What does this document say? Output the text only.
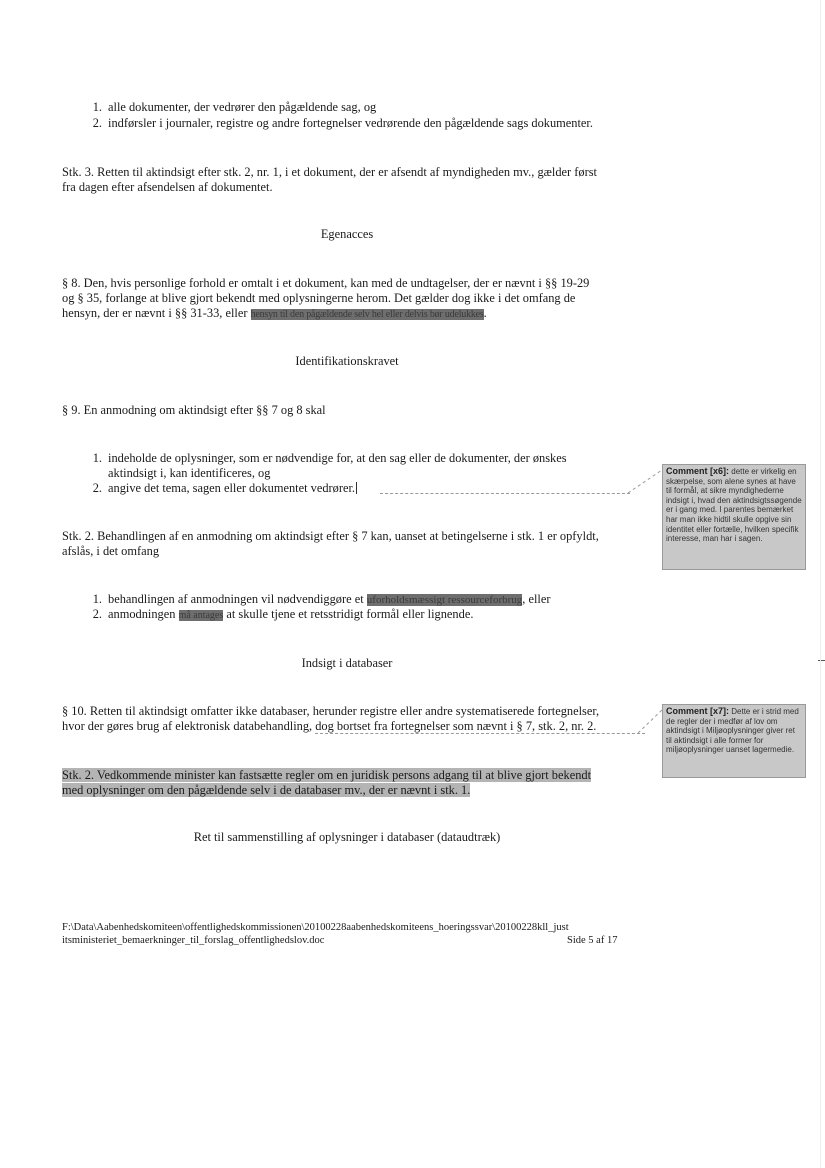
1. alle dokumenter, der vedrører den pågældende sag, og
2. indførsler i journaler, registre og andre fortegnelser vedrørende den pågældende sags dokumenter.
Stk. 3. Retten til aktindsigt efter stk. 2, nr. 1, i et dokument, der er afsendt af myndigheden mv., gælder først
fra dagen efter afsendelsen af dokumentet.
Egenacces
§ 8. Den, hvis personlige forhold er omtalt i et dokument, kan med de undtagelser, der er nævnt i §§ 19-29
og § 35, forlange at blive gjort bekendt med oplysningerne herom. Det gælder dog ikke i det omfang de
hensyn, der er nævnt i §§ 31-33, eller hensyn til den pågældende selv hel eller delvis bør udelukkes.
Identifikationskravet
§ 9. En anmodning om aktindsigt efter §§ 7 og 8 skal
1. indeholde de oplysninger, som er nødvendige for, at den sag eller de dokumenter, der ønskes
aktindsigt i, kan identificeres, og
2. angive det tema, sagen eller dokumentet vedrører.
Stk. 2. Behandlingen af en anmodning om aktindsigt efter § 7 kan, uanset at betingelserne i stk. 1 er opfyldt,
afslås, i det omfang
1. behandlingen af anmodningen vil nødvendiggøre et uforholdsmæssigt ressourceforbrug, eller
2. anmodningen må antages at skulle tjene et retsstridigt formål eller lignende.
Indsigt i databaser
§ 10. Retten til aktindsigt omfatter ikke databaser, herunder registre eller andre systematiserede fortegnelser,
hvor der gøres brug af elektronisk databehandling, dog bortset fra fortegnelser som nævnt i § 7, stk. 2, nr. 2.
Stk. 2. Vedkommende minister kan fastsætte regler om en juridisk persons adgang til at blive gjort bekendt
med oplysninger om den pågældende selv i de databaser mv., der er nævnt i stk. 1.
Ret til sammenstilling af oplysninger i databaser (dataudtræk)
Comment [x6]: dette er virkelig en skærpelse, som alene synes at have til formål, at sikre myndighederne indsigt i, hvad den aktindsigtssøgende er i gang med. I parentes bemærket har man ikke hidtil skulle opgive sin identitet eller fortælle, hvilken specifik interesse, man har i sagen.
Comment [x7]: Dette er i strid med de regler der i medfør af lov om aktindsigt i Miljøoplysninger giver ret til aktindsigt i alle former for miljøoplysninger uanset lagermedie.
F:\Data\Aabenhedskomiteen\offentlighedskommissionen\20100228aabenhedskomiteens_hoeringssvar\20100228kll_just
itsministeriet_bemaerkninger_til_forslag_offentlighedslov.doc	Side 5 af 17
